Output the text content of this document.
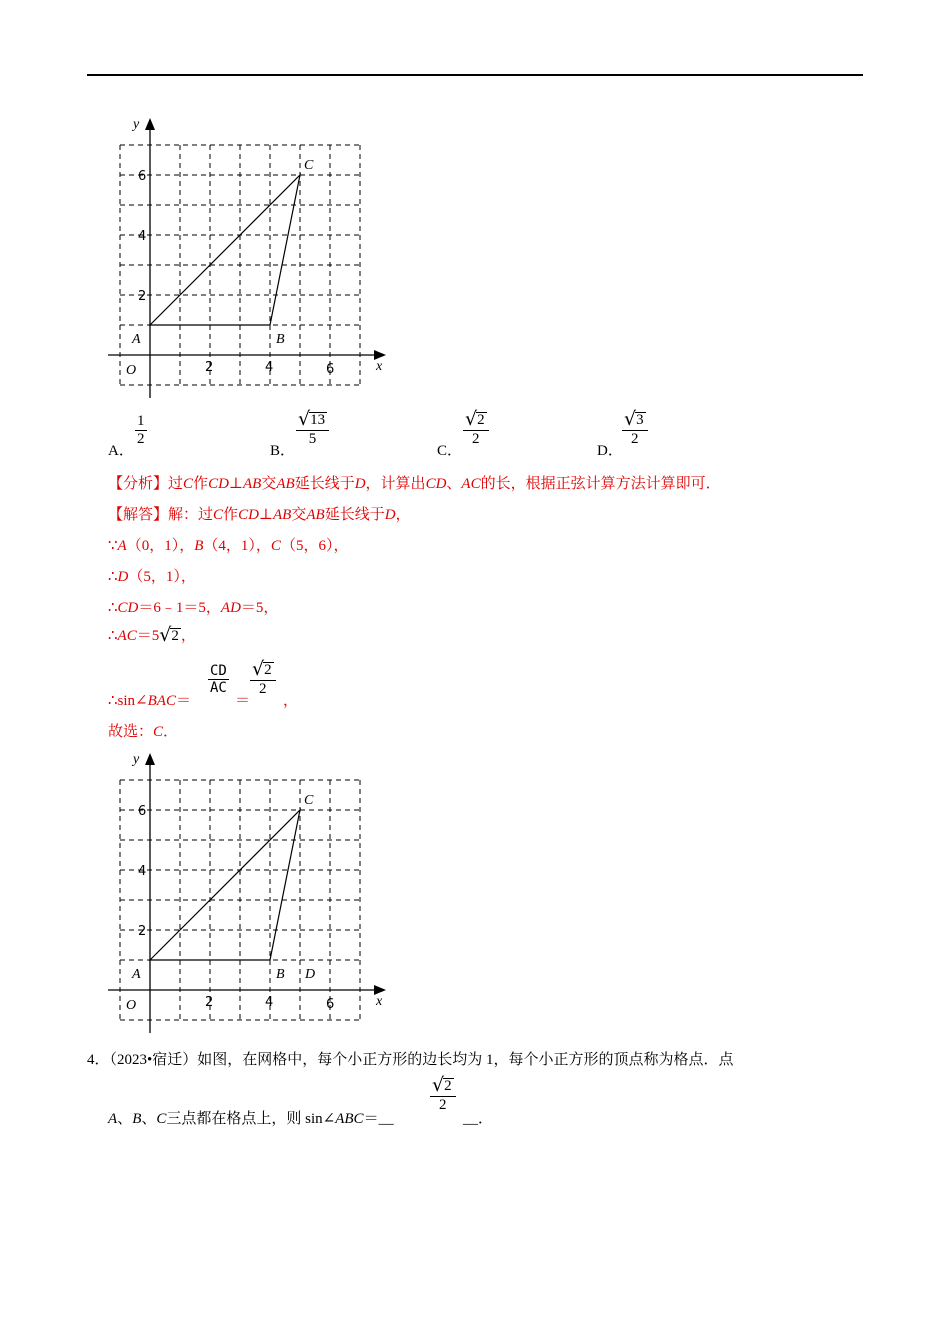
x
y
O
A	B
C
2	4	6
2
4
6
A．
1
2
B．
√ 13
5
C．
√ 2
2
D．
√ 3
2
【分析】过C作CD⊥AB交AB延长线于D，计算出CD、AC的长，根据正弦计算方法计算即可．
【解答】解：过C作CD⊥AB交AB延长线于D，
∵A（0，1），B（4，1），C（5，6），
∴D（5，1），
∴CD＝6﹣1＝5，AD＝5，
∴ AC ＝5 √ 2 ，
∴sin∠BAC＝
CD
AC
＝
√ 2
2
，
故选：C．
x
y
O
A	B
C
D
2	4	6
2
4
6
4．（2023•宿迁）如图，在网格中，每个小正方形的边长均为 1，每个小正方形的顶点称为格点．点
A、B、C三点都在格点上，则 sin∠ABC＝__
√ 2
2
__．
